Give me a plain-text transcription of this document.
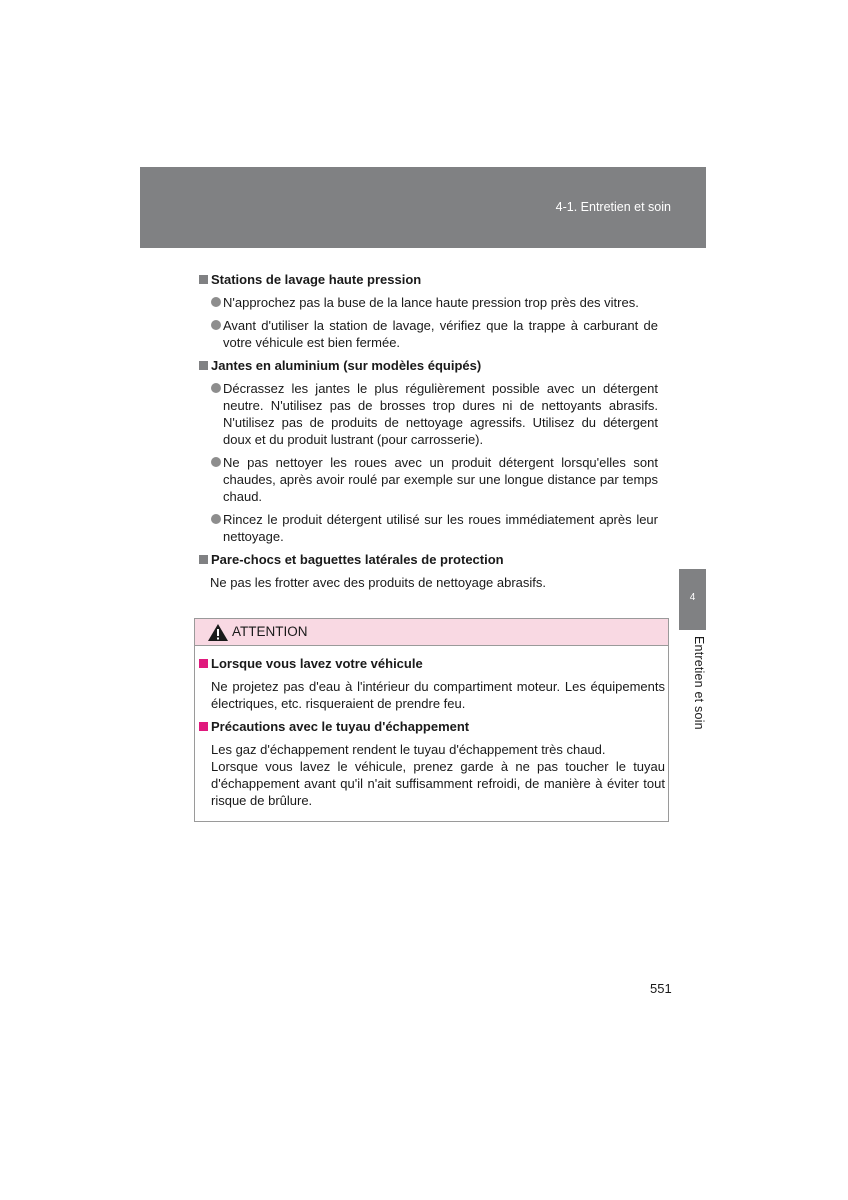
4-1. Entretien et soin
4
Entretien et soin
Stations de lavage haute pression
N'approchez pas la buse de la lance haute pression trop près des vitres.
Avant d'utiliser la station de lavage, vérifiez que la trappe à carburant de votre véhicule est bien fermée.
Jantes en aluminium (sur modèles équipés)
Décrassez les jantes le plus régulièrement possible avec un détergent neutre. N'utilisez pas de brosses trop dures ni de nettoyants abrasifs. N'utilisez pas de produits de nettoyage agressifs. Utilisez du détergent doux et du produit lustrant (pour carrosserie).
Ne pas nettoyer les roues avec un produit détergent lorsqu'elles sont chaudes, après avoir roulé par exemple sur une longue distance par temps chaud.
Rincez le produit détergent utilisé sur les roues immédiatement après leur nettoyage.
Pare-chocs et baguettes latérales de protection
Ne pas les frotter avec des produits de nettoyage abrasifs.
ATTENTION
Lorsque vous lavez votre véhicule
Ne projetez pas d'eau à l'intérieur du compartiment moteur. Les équipements électriques, etc. risqueraient de prendre feu.
Précautions avec le tuyau d'échappement
Les gaz d'échappement rendent le tuyau d'échappement très chaud.
Lorsque vous lavez le véhicule, prenez garde à ne pas toucher le tuyau d'échappement avant qu'il n'ait suffisamment refroidi, de manière à éviter tout risque de brûlure.
551
